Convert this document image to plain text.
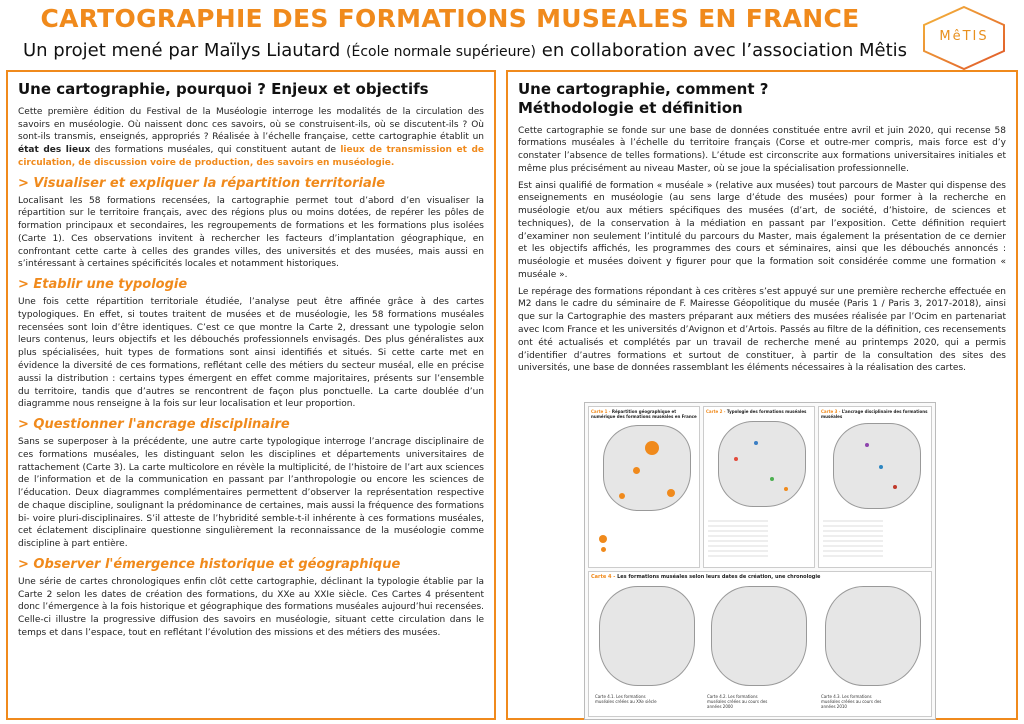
CARTOGRAPHIE DES FORMATIONS MUSEALES EN FRANCE
Un projet mené par Maïlys Liautard (École normale supérieure) en collaboration avec l’association Mêtis
MêTIS
Une cartographie, pourquoi ? Enjeux et objectifs

Cette première édition du Festival de la Muséologie interroge les modalités de la circulation des savoirs en muséologie. Où naissent donc ces savoirs, où se construisent-ils, où se discutent-ils ? Où sont-ils transmis, enseignés, appropriés ? Réalisée à l’échelle française, cette cartographie établit un état des lieux des formations muséales, qui constituent autant de lieux de transmission et de circulation, de discussion voire de production, des savoirs en muséologie.

> Visualiser et expliquer la répartition territoriale

Localisant les 58 formations recensées, la cartographie permet tout d’abord d’en visualiser la répartition sur le territoire français, avec des régions plus ou moins dotées, de repérer les pôles de formation principaux et secondaires, les regroupements de formations et les formations plus isolées (Carte 1). Ces observations invitent à rechercher les facteurs d’implantation géographique, en confrontant cette carte à celles des grandes villes, des universités et des musées, mais aussi en s’intéressant à certaines spécificités locales et notamment historiques.

> Etablir une typologie

Une fois cette répartition territoriale étudiée, l’analyse peut être affinée grâce à des cartes typologiques. En effet, si toutes traitent de musées et de muséologie, les 58 formations muséales recensées sont loin d’être identiques. C’est ce que montre la Carte 2, dressant une typologie selon leurs contenus, leurs objectifs et les débouchés professionnels envisagés. Des plus généralistes aux plus spécialisées, huit types de formations sont ainsi identifiés et situés. Si cette carte met en évidence la diversité de ces formations, reflétant celle des métiers du secteur muséal, elle en précise aussi la distribution : certains types émergent en effet comme majoritaires, présents sur l’ensemble du territoire, tandis que d’autres se rencontrent de façon plus ponctuelle. La carte doublée d’un diagramme nous renseigne à la fois sur leur localisation et leur proportion.

> Questionner l'ancrage disciplinaire

Sans se superposer à la précédente, une autre carte typologique interroge l’ancrage disciplinaire de ces formations muséales, les distinguant selon les disciplines et départements universitaires de rattachement (Carte 3). La carte multicolore en révèle la multiplicité, de l’histoire de l’art aux sciences de l’information et de la communication en passant par l’anthropologie ou encore les sciences de l’éducation. Deux diagrammes complémentaires permettent d’observer la représentation respective de chaque discipline, soulignant la prédominance de certaines, mais aussi la fréquence des formations bi- voire pluri-disciplinaires. S’il atteste de l’hybridité semble-t-il inhérente à ces formations muséales, cet éclatement disciplinaire questionne singulièrement la reconnaissance de la muséologie comme discipline à part entière.

> Observer l'émergence historique et géographique

Une série de cartes chronologiques enfin clôt cette cartographie, déclinant la typologie établie par la Carte 2 selon les dates de création des formations, du XXe au XXIe siècle. Ces Cartes 4 présentent donc l’émergence à la fois historique et géographique des formations muséales aujourd’hui recensées. Celle-ci illustre la progressive diffusion des savoirs en muséologie, situant cette circulation dans le temps et dans l’espace, tout en reflétant l’évolution des missions et des métiers des musées.

Une cartographie, comment ?
Méthodologie et définition

Cette cartographie se fonde sur une base de données constituée entre avril et juin 2020, qui recense 58 formations muséales à l’échelle du territoire français (Corse et outre-mer compris, mais force est d’y constater l’absence de telles formations). L’étude est circonscrite aux formations universitaires initiales et même plus précisément au niveau Master, où se joue la spécialisation professionnelle.

Est ainsi qualifié de formation « muséale » (relative aux musées) tout parcours de Master qui dispense des enseignements en muséologie (au sens large d’étude des musées) pour former à la recherche en muséologie et/ou aux métiers spécifiques des musées (d’art, de société, d’histoire, de sciences et techniques), de la conservation à la médiation en passant par l’exposition. Cette définition requiert d’examiner non seulement l’intitulé du parcours du Master, mais également la présentation de ce dernier et les objectifs affichés, les programmes des cours et séminaires, ainsi que les débouchés annoncés : muséologie et musées doivent y figurer pour que la formation soit considérée comme une formation « muséale ».

Le repérage des formations répondant à ces critères s’est appuyé sur une première recherche effectuée en M2 dans le cadre du séminaire de F. Mairesse Géopolitique du musée (Paris 1 / Paris 3, 2017-2018), ainsi que sur la Cartographie des masters préparant aux métiers des musées réalisée par l’Ocim en partenariat avec Icom France et les universités d’Avignon et d’Artois. Passés au filtre de la définition, ces recensements ont été actualisés et complétés par un travail de recherche mené au printemps 2020, qui a permis d’identifier d’autres formations et surtout de constituer, à partir de la consultation des sites des universités, une base de données rassemblant les éléments nécessaires à la réalisation des cartes.

Carte 1 - Répartition géographique et numérique des formations muséales en France
Carte 2 - Typologie des formations muséales	Carte 3 - L’ancrage disciplinaire des formations muséales
Carte 4 - Les formations muséales selon leurs dates de création, une chronologie
Carte 4.1. Les formations muséales créées au XXe siècle
Carte 4.2. Les formations muséales créées au cours des années 2000
Carte 4.3. Les formations muséales créées au cours des années 2010
